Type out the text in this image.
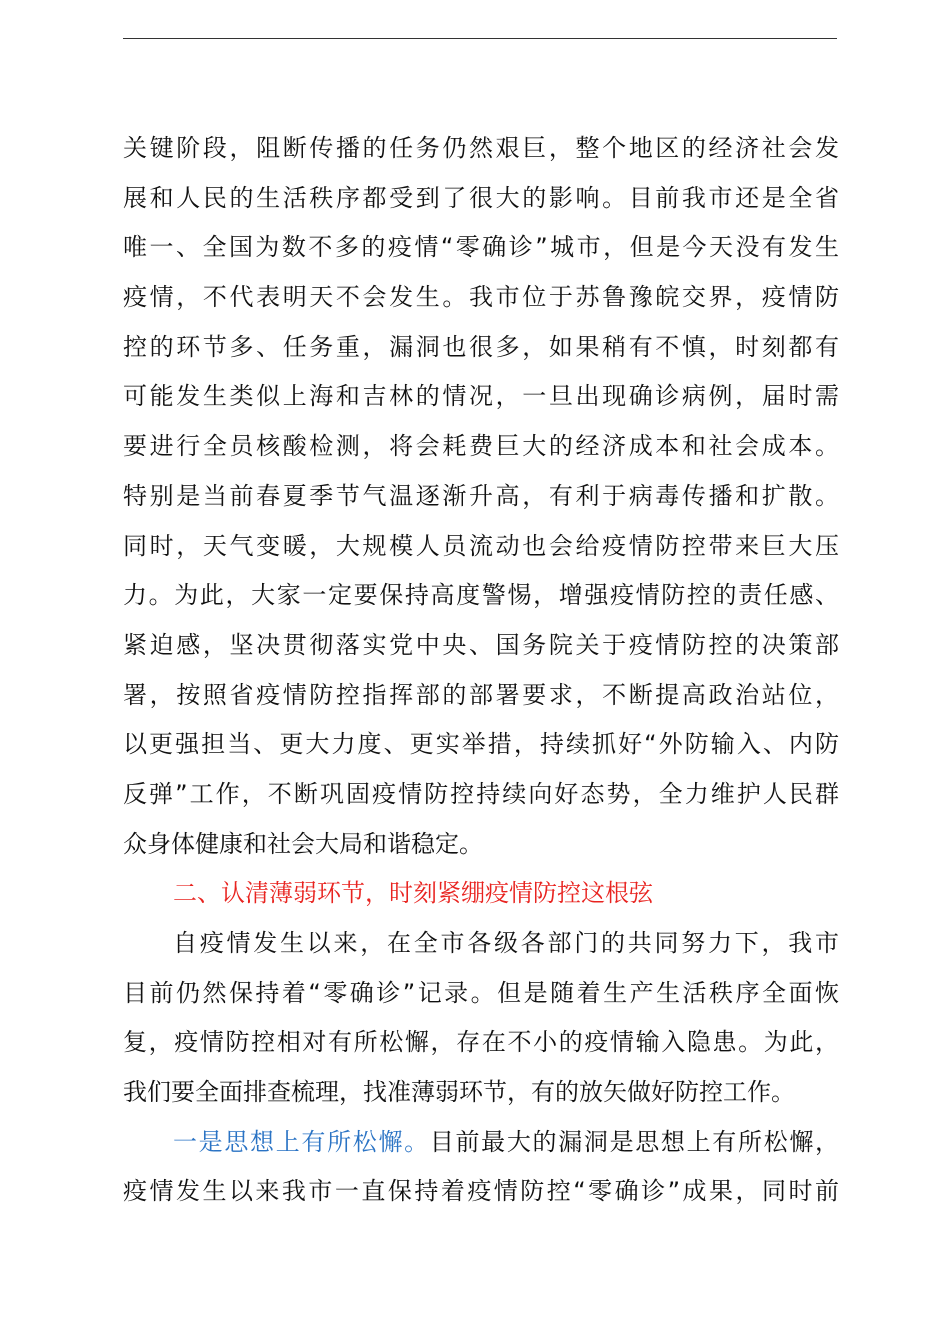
关键阶段，阻断传播的任务仍然艰巨，整个地区的经济社会发
展和人民的生活秩序都受到了很大的影响。目前我市还是全省
唯一、全国为数不多的疫情“零确诊”城市，但是今天没有发生
疫情，不代表明天不会发生。我市位于苏鲁豫皖交界，疫情防
控的环节多、任务重，漏洞也很多，如果稍有不慎，时刻都有
可能发生类似上海和吉林的情况，一旦出现确诊病例，届时需
要进行全员核酸检测，将会耗费巨大的经济成本和社会成本。
特别是当前春夏季节气温逐渐升高，有利于病毒传播和扩散。
同时，天气变暖，大规模人员流动也会给疫情防控带来巨大压
力。为此，大家一定要保持高度警惕，增强疫情防控的责任感、
紧迫感，坚决贯彻落实党中央、国务院关于疫情防控的决策部
署，按照省疫情防控指挥部的部署要求，不断提高政治站位，
以更强担当、更大力度、更实举措，持续抓好“外防输入、内防
反弹”工作，不断巩固疫情防控持续向好态势，全力维护人民群
众身体健康和社会大局和谐稳定。
二、认清薄弱环节，时刻紧绷疫情防控这根弦
自疫情发生以来，在全市各级各部门的共同努力下，我市
目前仍然保持着“零确诊”记录。但是随着生产生活秩序全面恢
复，疫情防控相对有所松懈，存在不小的疫情输入隐患。为此，
我们要全面排查梳理，找准薄弱环节，有的放矢做好防控工作。
一是思想上有所松懈。目前最大的漏洞是思想上有所松懈，
疫情发生以来我市一直保持着疫情防控“零确诊”成果，同时前
